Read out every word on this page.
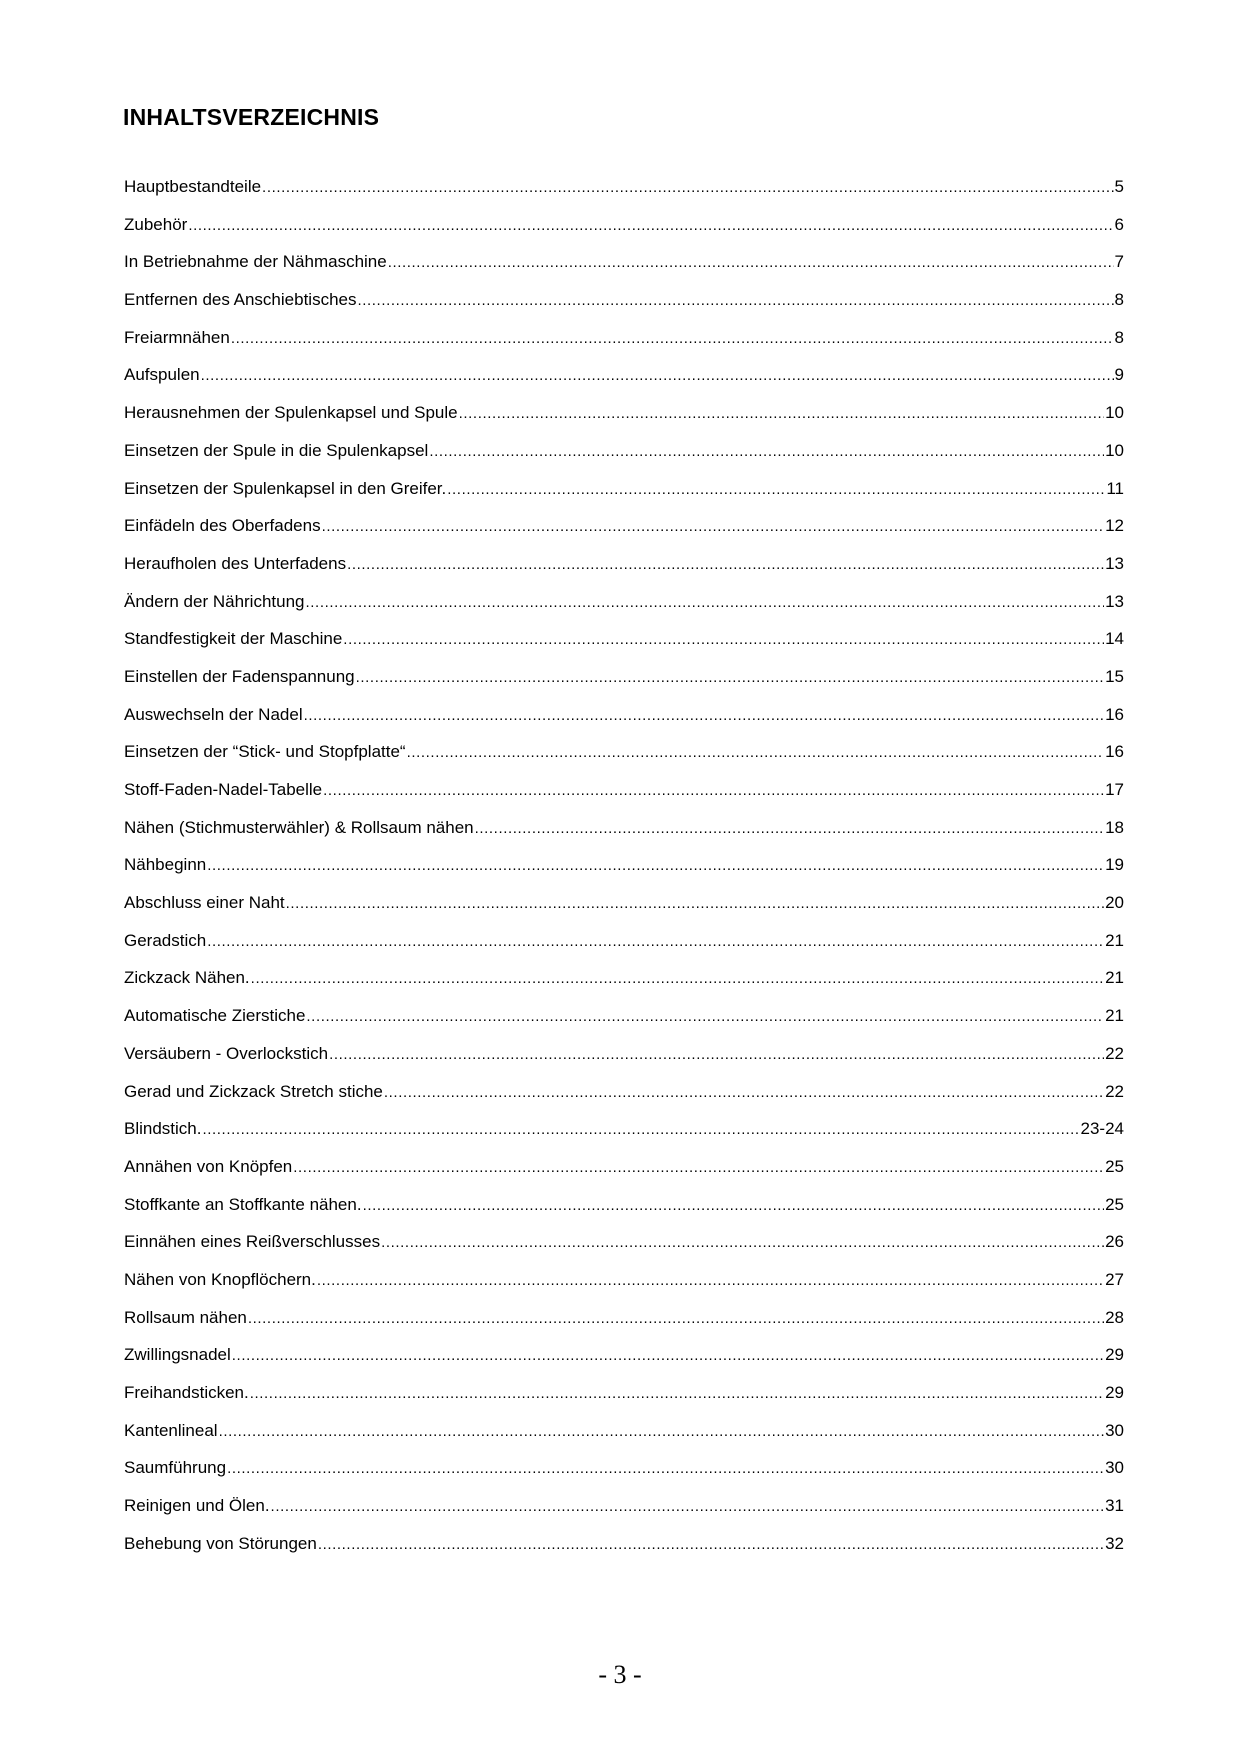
INHALTSVERZEICHNIS
Hauptbestandteile .....	5
Zubehör .....	6
In Betriebnahme der Nähmaschine .....	7
Entfernen des Anschiebtisches .....	8
Freiarmnähen .....	8
Aufspulen .....	9
Herausnehmen der Spulenkapsel und Spule .....	10
Einsetzen der Spule in die Spulenkapsel .....	10
Einsetzen der Spulenkapsel in den Greifer. .....	11
Einfädeln des Oberfadens .....	12
Heraufholen des Unterfadens .....	13
Ändern der Nährichtung .....	13
Standfestigkeit der Maschine .....	14
Einstellen der Fadenspannung .....	15
Auswechseln der Nadel .....	16
Einsetzen der “Stick- und Stopfplatte“ .....	16
Stoff-Faden-Nadel-Tabelle .....	17
Nähen (Stichmusterwähler) & Rollsaum nähen .....	18
Nähbeginn .....	19
Abschluss einer Naht .....	20
Geradstich .....	21
Zickzack Nähen. .....	21
Automatische Zierstiche .....	21
Versäubern - Overlockstich .....	22
Gerad und Zickzack Stretch stiche .....	22
Blindstich. .....	23-24
Annähen von Knöpfen .....	25
Stoffkante an Stoffkante nähen. .....	25
Einnähen eines Reißverschlusses .....	26
Nähen von Knopflöchern. .....	27
Rollsaum nähen .....	28
Zwillingsnadel .....	29
Freihandsticken. .....	29
Kantenlineal .....	30
Saumführung .....	30
Reinigen und Ölen. .....	31
Behebung von Störungen .....	32
- 3 -
